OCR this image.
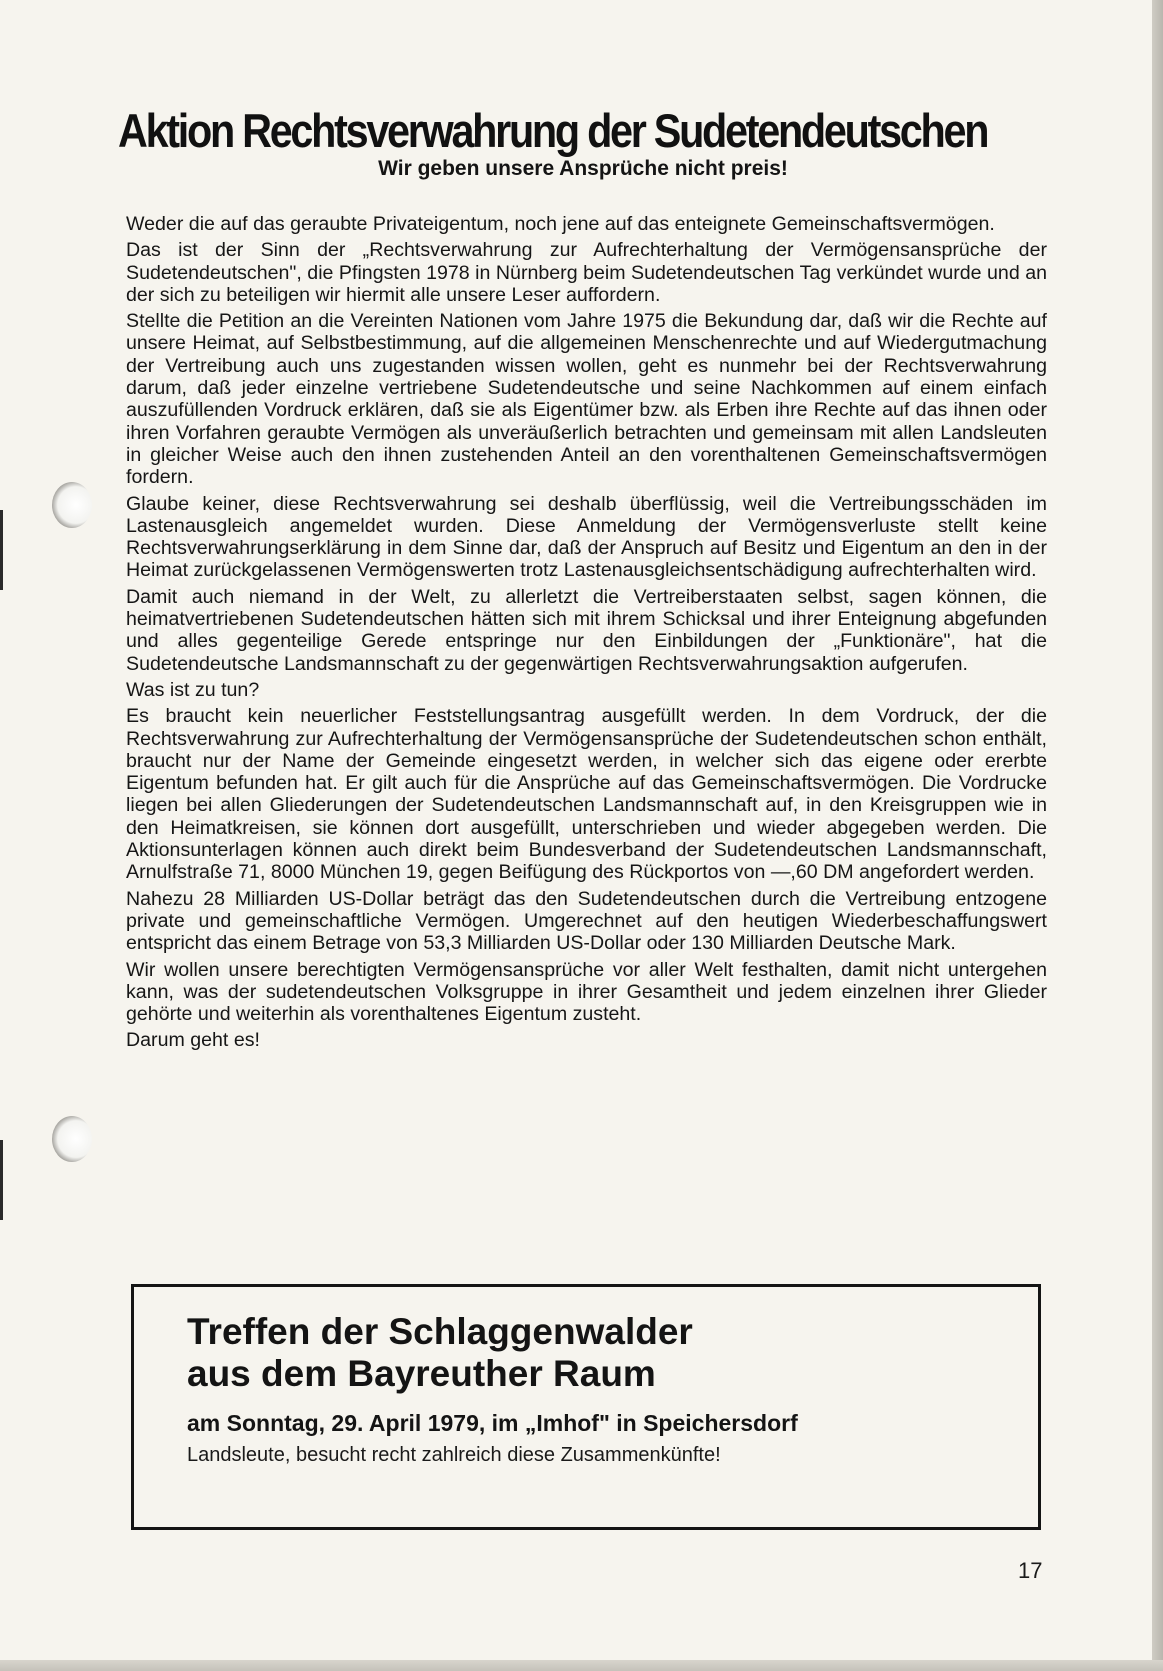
Aktion Rechtsverwahrung der Sudetendeutschen
Wir geben unsere Ansprüche nicht preis!

Weder die auf das geraubte Privateigentum, noch jene auf das enteignete Gemeinschaftsvermögen.

Das ist der Sinn der „Rechtsverwahrung zur Aufrechterhaltung der Vermögensansprüche der Sudetendeutschen", die Pfingsten 1978 in Nürnberg beim Sudetendeutschen Tag verkündet wurde und an der sich zu beteiligen wir hiermit alle unsere Leser auffordern.

Stellte die Petition an die Vereinten Nationen vom Jahre 1975 die Bekundung dar, daß wir die Rechte auf unsere Heimat, auf Selbstbestimmung, auf die allgemeinen Menschenrechte und auf Wiedergutmachung der Vertreibung auch uns zugestanden wissen wollen, geht es nunmehr bei der Rechtsverwahrung darum, daß jeder einzelne vertriebene Sudetendeutsche und seine Nachkommen auf einem einfach auszufüllenden Vordruck erklären, daß sie als Eigentümer bzw. als Erben ihre Rechte auf das ihnen oder ihren Vorfahren geraubte Vermögen als unveräußerlich betrachten und gemeinsam mit allen Landsleuten in gleicher Weise auch den ihnen zustehenden Anteil an den vorenthaltenen Gemeinschaftsvermögen fordern.

Glaube keiner, diese Rechtsverwahrung sei deshalb überflüssig, weil die Vertreibungsschäden im Lastenausgleich angemeldet wurden. Diese Anmeldung der Vermögensverluste stellt keine Rechtsverwahrungserklärung in dem Sinne dar, daß der Anspruch auf Besitz und Eigentum an den in der Heimat zurückgelassenen Vermögenswerten trotz Lastenausgleichsentschädigung aufrechterhalten wird.

Damit auch niemand in der Welt, zu allerletzt die Vertreiberstaaten selbst, sagen können, die heimatvertriebenen Sudetendeutschen hätten sich mit ihrem Schicksal und ihrer Enteignung abgefunden und alles gegenteilige Gerede entspringe nur den Einbildungen der „Funktionäre", hat die Sudetendeutsche Landsmannschaft zu der gegenwärtigen Rechtsverwahrungsaktion aufgerufen.

Was ist zu tun?

Es braucht kein neuerlicher Feststellungsantrag ausgefüllt werden. In dem Vordruck, der die Rechtsverwahrung zur Aufrechterhaltung der Vermögensansprüche der Sudetendeutschen schon enthält, braucht nur der Name der Gemeinde eingesetzt werden, in welcher sich das eigene oder ererbte Eigentum befunden hat. Er gilt auch für die Ansprüche auf das Gemeinschaftsvermögen. Die Vordrucke liegen bei allen Gliederungen der Sudetendeutschen Landsmannschaft auf, in den Kreisgruppen wie in den Heimatkreisen, sie können dort ausgefüllt, unterschrieben und wieder abgegeben werden. Die Aktionsunterlagen können auch direkt beim Bundesverband der Sudetendeutschen Landsmannschaft, Arnulfstraße 71, 8000 München 19, gegen Beifügung des Rückportos von —,60 DM angefordert werden.

Nahezu 28 Milliarden US-Dollar beträgt das den Sudetendeutschen durch die Vertreibung entzogene private und gemeinschaftliche Vermögen. Umgerechnet auf den heutigen Wiederbeschaffungswert entspricht das einem Betrage von 53,3 Milliarden US-Dollar oder 130 Milliarden Deutsche Mark.

Wir wollen unsere berechtigten Vermögensansprüche vor aller Welt festhalten, damit nicht untergehen kann, was der sudetendeutschen Volksgruppe in ihrer Gesamtheit und jedem einzelnen ihrer Glieder gehörte und weiterhin als vorenthaltenes Eigentum zusteht.

Darum geht es!

Treffen der Schlaggenwalder

aus dem Bayreuther Raum

am Sonntag, 29. April 1979, im „Imhof" in Speichersdorf

Landsleute, besucht recht zahlreich diese Zusammenkünfte!

17
